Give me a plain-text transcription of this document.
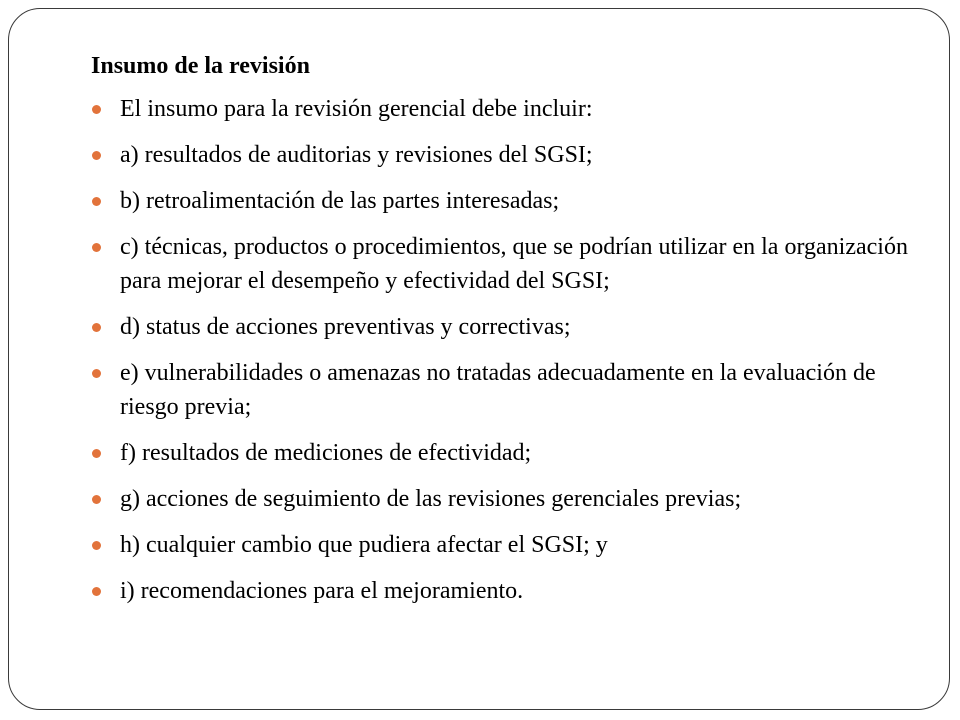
Insumo de la revisión
El insumo para la revisión gerencial debe incluir:
a) resultados de auditorias y revisiones del SGSI;
b) retroalimentación de las partes interesadas;
c) técnicas, productos o procedimientos, que se podrían utilizar en la organización para mejorar el desempeño y efectividad del SGSI;
d) status de acciones preventivas y correctivas;
e) vulnerabilidades o amenazas no tratadas adecuadamente en la evaluación de riesgo previa;
f) resultados de mediciones de efectividad;
g) acciones de seguimiento de las revisiones gerenciales previas;
h) cualquier cambio que pudiera afectar el SGSI; y
i) recomendaciones para el mejoramiento.
